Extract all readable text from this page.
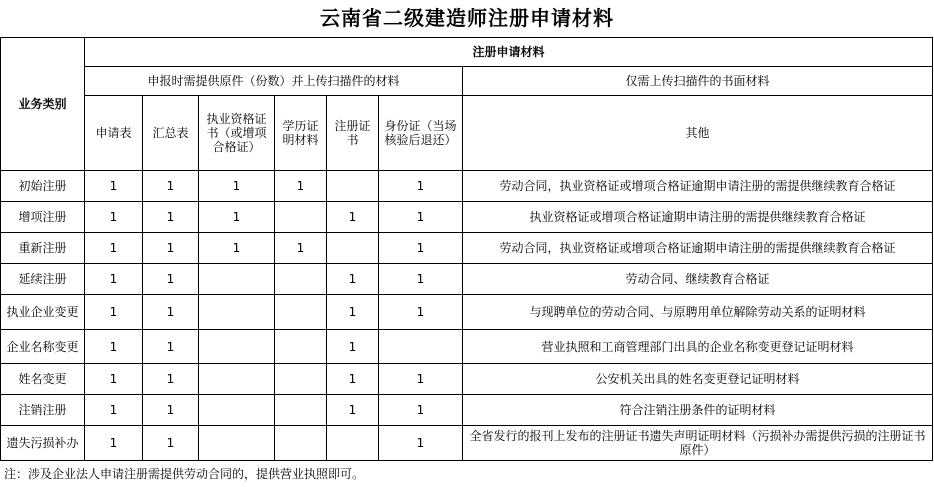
云南省二级建造师注册申请材料
业务类别	注册申请材料						
	申报时需提供原件（份数）并上传扫描件的材料						仅需上传扫描件的书面材料
	申请表	汇总表	执业资格证书（或增项合格证）	学历证明材料	注册证书	身份证（当场核验后退还）	其他

初始注册	1	1	1	1		1	劳动合同，执业资格证或增项合格证逾期申请注册的需提供继续教育合格证
增项注册	1	1	1		1	1	执业资格证或增项合格证逾期申请注册的需提供继续教育合格证
重新注册	1	1	1	1		1	劳动合同，执业资格证或增项合格证逾期申请注册的需提供继续教育合格证
延续注册	1	1			1	1	劳动合同、继续教育合格证
执业企业变更	1	1			1	1	与现聘单位的劳动合同、与原聘用单位解除劳动关系的证明材料
企业名称变更	1	1			1		营业执照和工商管理部门出具的企业名称变更登记证明材料
姓名变更	1	1			1	1	公安机关出具的姓名变更登记证明材料
注销注册	1	1			1	1	符合注销注册条件的证明材料
遗失污损补办	1	1				1	全省发行的报刊上发布的注册证书遗失声明证明材料（污损补办需提供污损的注册证书原件）
注：涉及企业法人申请注册需提供劳动合同的，提供营业执照即可。
